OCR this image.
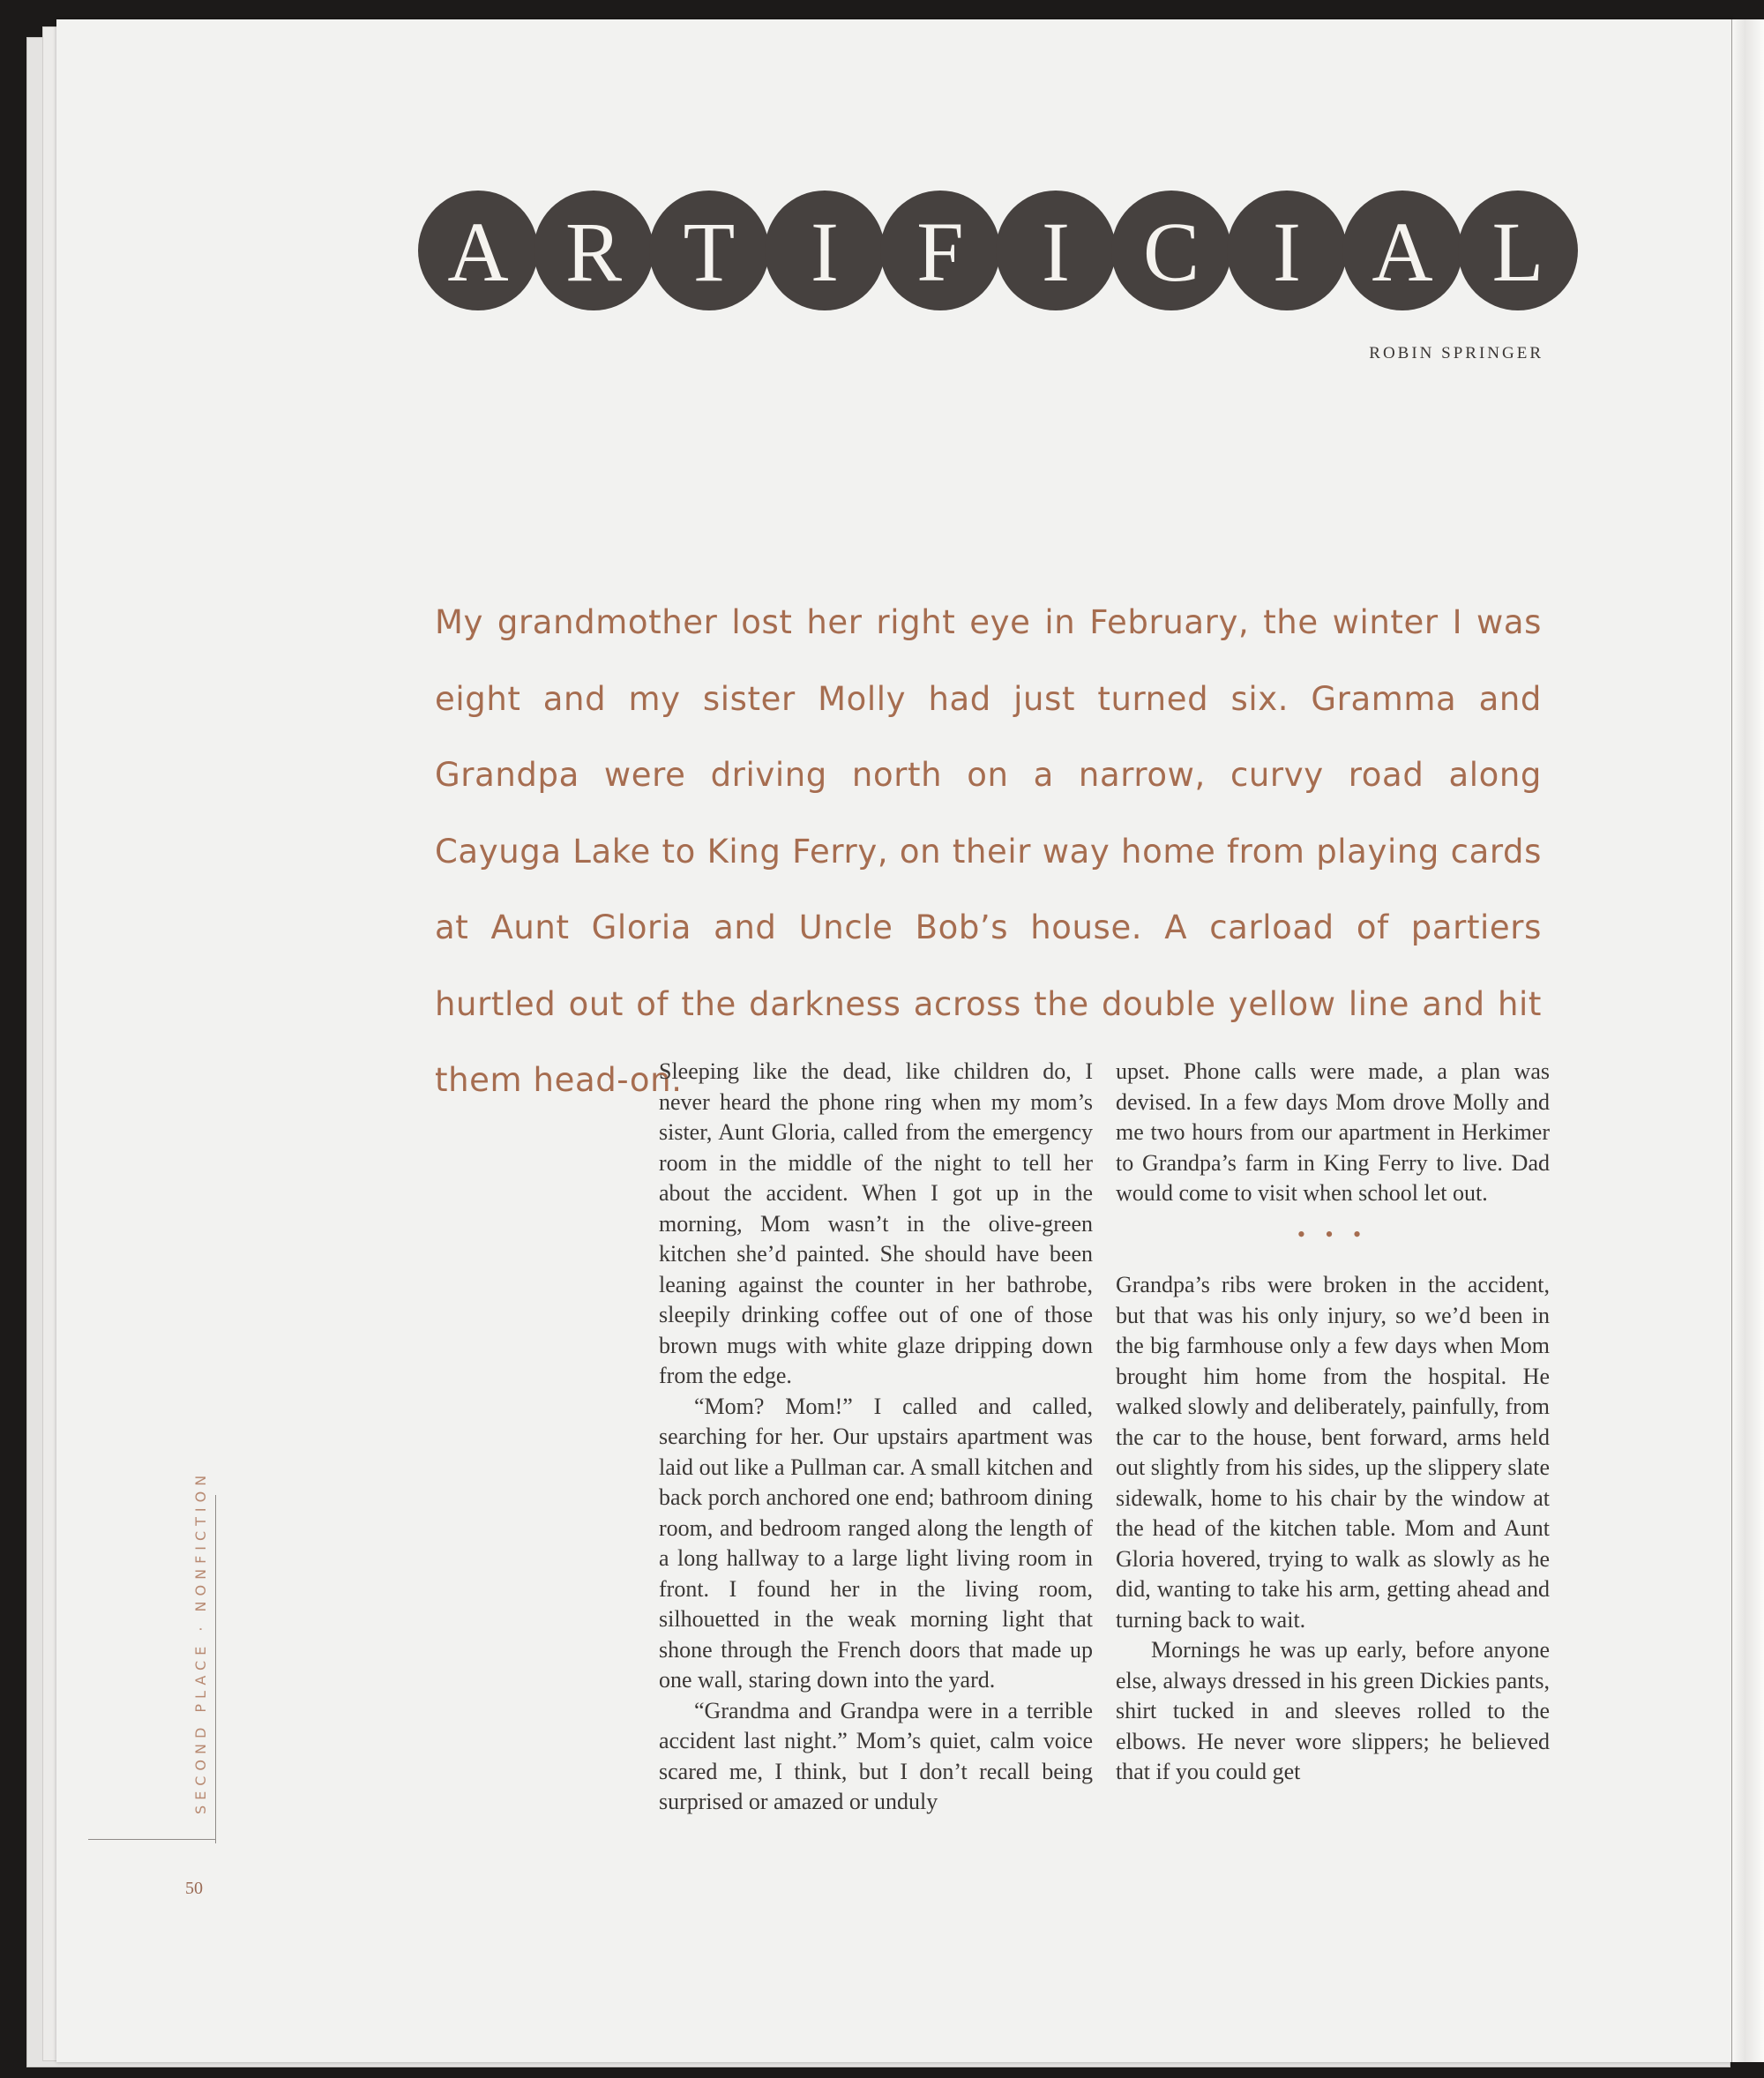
A R T I F I C I A L
ROBIN SPRINGER
My grandmother lost her right eye in February, the winter I was eight and my sister Molly had just turned six. Gramma and Grandpa were driving north on a narrow, curvy road along Cayuga Lake to King Ferry, on their way home from playing cards at Aunt Gloria and Uncle Bob’s house. A carload of partiers hurtled out of the darkness across the double yellow line and hit them head-on.

Sleeping like the dead, like children do, I never heard the phone ring when my mom’s sister, Aunt Gloria, called from the emergency room in the middle of the night to tell her about the accident. When I got up in the morning, Mom wasn’t in the olive-green kitchen she’d painted. She should have been leaning against the counter in her bathrobe, sleepily drinking coffee out of one of those brown mugs with white glaze dripping down from the edge.

“Mom? Mom!” I called and called, searching for her. Our upstairs apartment was laid out like a Pullman car. A small kitchen and back porch anchored one end; bathroom dining room, and bedroom ranged along the length of a long hallway to a large light living room in front. I found her in the living room, silhouetted in the weak morning light that shone through the French doors that made up one wall, staring down into the yard.

“Grandma and Grandpa were in a terrible accident last night.” Mom’s quiet, calm voice scared me, I think, but I don’t recall being surprised or amazed or unduly

upset. Phone calls were made, a plan was devised. In a few days Mom drove Molly and me two hours from our apartment in Herkimer to Grandpa’s farm in King Ferry to live. Dad would come to visit when school let out.

• • •

Grandpa’s ribs were broken in the accident, but that was his only injury, so we’d been in the big farmhouse only a few days when Mom brought him home from the hospital. He walked slowly and deliberately, painfully, from the car to the house, bent forward, arms held out slightly from his sides, up the slippery slate sidewalk, home to his chair by the window at the head of the kitchen table. Mom and Aunt Gloria hovered, trying to walk as slowly as he did, wanting to take his arm, getting ahead and turning back to wait.

Mornings he was up early, before anyone else, always dressed in his green Dickies pants, shirt tucked in and sleeves rolled to the elbows. He never wore slippers; he believed that if you could get

SECOND PLACE · NONFICTION
50
